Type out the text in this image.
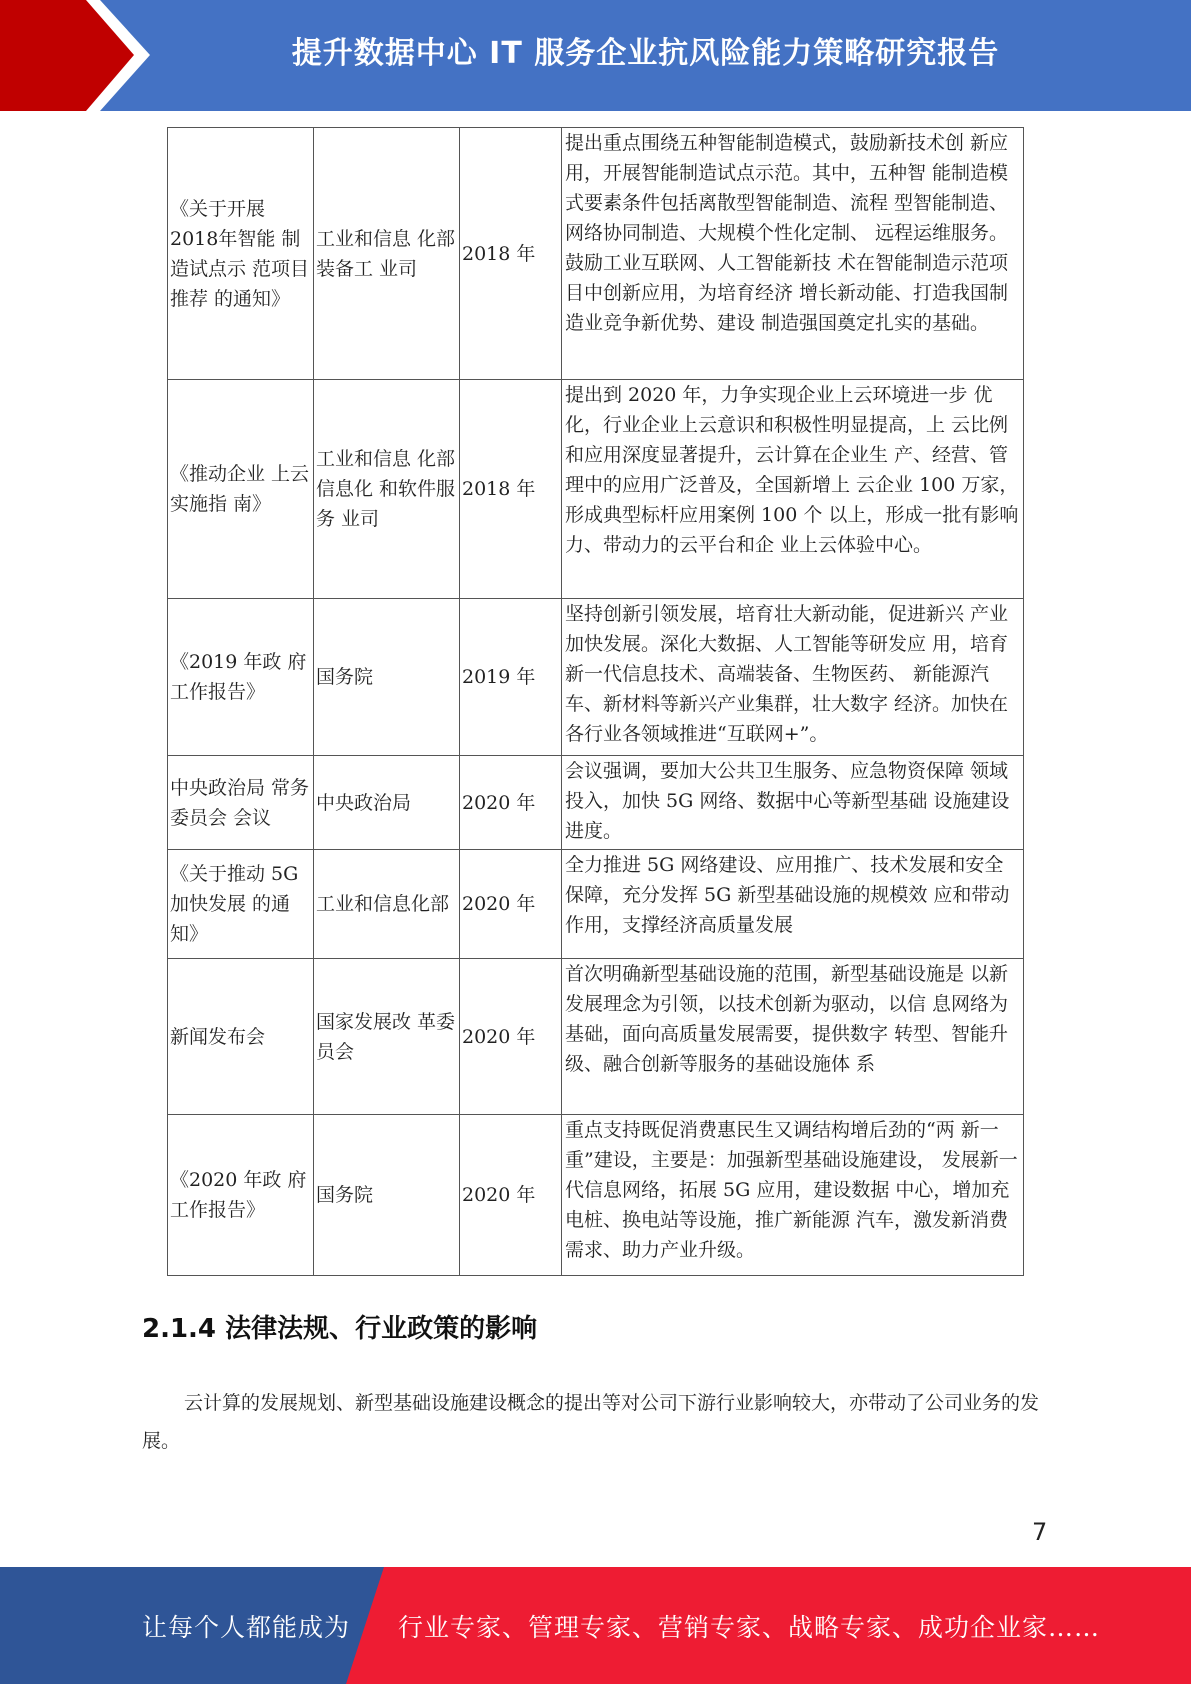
提升数据中心 IT 服务企业抗风险能力策略研究报告
《关于开展 2018年智能 制造试点示 范项目推荐 的通知》	工业和信息 化部装备工 业司	2018 年	提出重点围绕五种智能制造模式，鼓励新技术创 新应用，开展智能制造试点示范。其中，五种智 能制造模式要素条件包括离散型智能制造、流程 型智能制造、网络协同制造、大规模个性化定制、 远程运维服务。鼓励工业互联网、人工智能新技 术在智能制造示范项目中创新应用，为培育经济 增长新动能、打造我国制造业竞争新优势、建设 制造强国奠定扎实的基础。
《推动企业 上云实施指 南》	工业和信息 化部信息化 和软件服务 业司	2018 年	提出到 2020 年，力争实现企业上云环境进一步 优化，行业企业上云意识和积极性明显提高，上 云比例和应用深度显著提升，云计算在企业生 产、经营、管理中的应用广泛普及，全国新增上 云企业 100 万家，形成典型标杆应用案例 100 个 以上，形成一批有影响力、带动力的云平台和企 业上云体验中心。
《2019 年政 府工作报告》	国务院	2019 年	坚持创新引领发展，培育壮大新动能，促进新兴 产业加快发展。深化大数据、人工智能等研发应 用，培育新一代信息技术、高端装备、生物医药、 新能源汽车、新材料等新兴产业集群，壮大数字 经济。加快在各行业各领域推进“互联网+”。
中央政治局 常务委员会 会议	中央政治局	2020 年	会议强调，要加大公共卫生服务、应急物资保障 领域投入，加快 5G 网络、数据中心等新型基础 设施建设进度。
《关于推动 5G 加快发展 的通知》	工业和信息化部	2020 年	全力推进 5G 网络建设、应用推广、技术发展和安全保障，充分发挥 5G 新型基础设施的规模效 应和带动作用，支撑经济高质量发展
新闻发布会	国家发展改 革委员会	2020 年	首次明确新型基础设施的范围，新型基础设施是 以新发展理念为引领，以技术创新为驱动，以信 息网络为基础，面向高质量发展需要，提供数字 转型、智能升级、融合创新等服务的基础设施体 系
《2020 年政 府工作报告》	国务院	2020 年	重点支持既促消费惠民生又调结构增后劲的“两 新一重”建设，主要是：加强新型基础设施建设， 发展新一代信息网络，拓展 5G 应用，建设数据 中心，增加充电桩、换电站等设施，推广新能源 汽车，激发新消费需求、助力产业升级。
2.1.4 法律法规、行业政策的影响
云计算的发展规划、新型基础设施建设概念的提出等对公司下游行业影响较大，亦带动了公司业务的发展。
7
让每个人都能成为 行业专家、管理专家、营销专家、战略专家、成功企业家……
